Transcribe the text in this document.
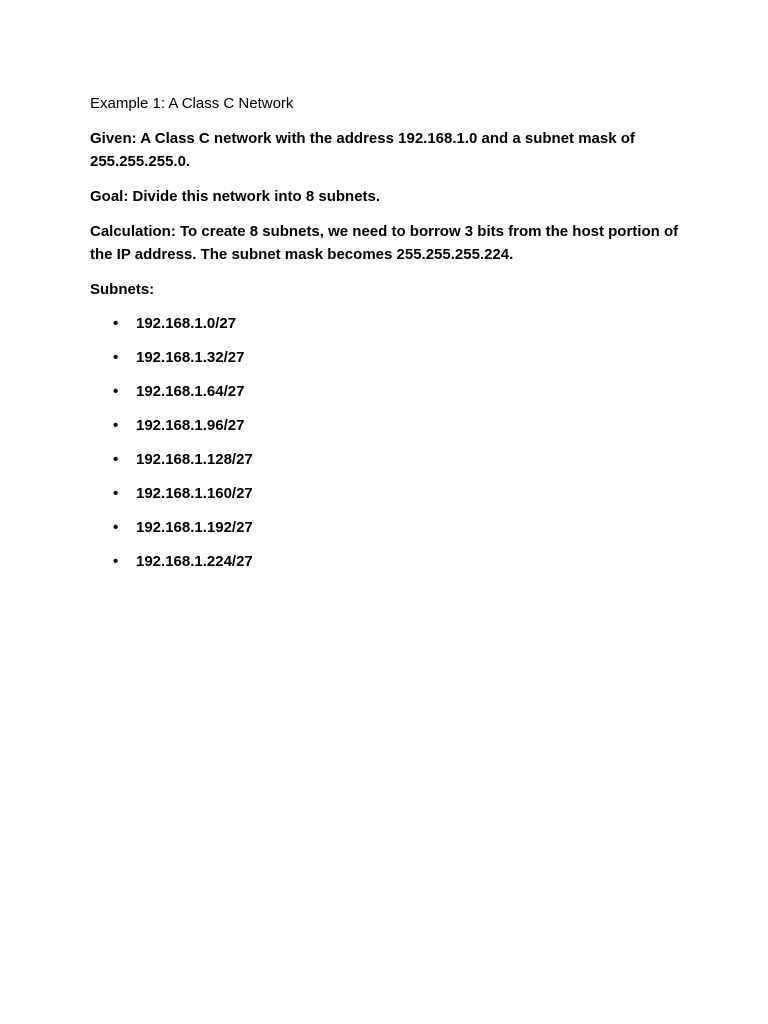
Example 1: A Class C Network

Given: A Class C network with the address 192.168.1.0 and a subnet mask of 255.255.255.0.

Goal: Divide this network into 8 subnets.

Calculation: To create 8 subnets, we need to borrow 3 bits from the host portion of the IP address. The subnet mask becomes 255.255.255.224.

Subnets:

• 192.168.1.0/27
• 192.168.1.32/27
• 192.168.1.64/27
• 192.168.1.96/27
• 192.168.1.128/27
• 192.168.1.160/27
• 192.168.1.192/27
• 192.168.1.224/27
